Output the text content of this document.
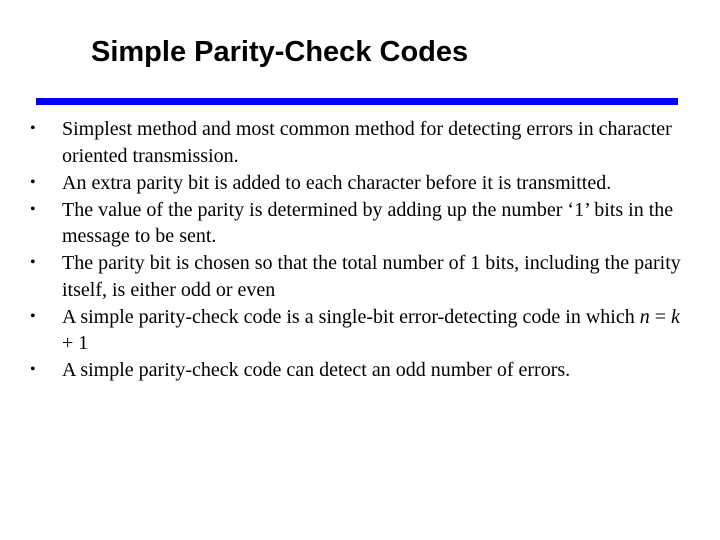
Simple Parity-Check Codes
•	Simplest method and most common method for detecting errors in character oriented transmission.
•	An extra parity bit is added to each character before it is transmitted.
•	The value of the parity is determined by adding up the number ‘1’ bits in the message to be sent.
•	The parity bit is chosen so that the total number of 1 bits, including the parity itself, is either odd or even
•	A simple parity-check code is a single-bit error-detecting code in which n = k + 1
•	A simple parity-check code can detect an odd number of errors.
